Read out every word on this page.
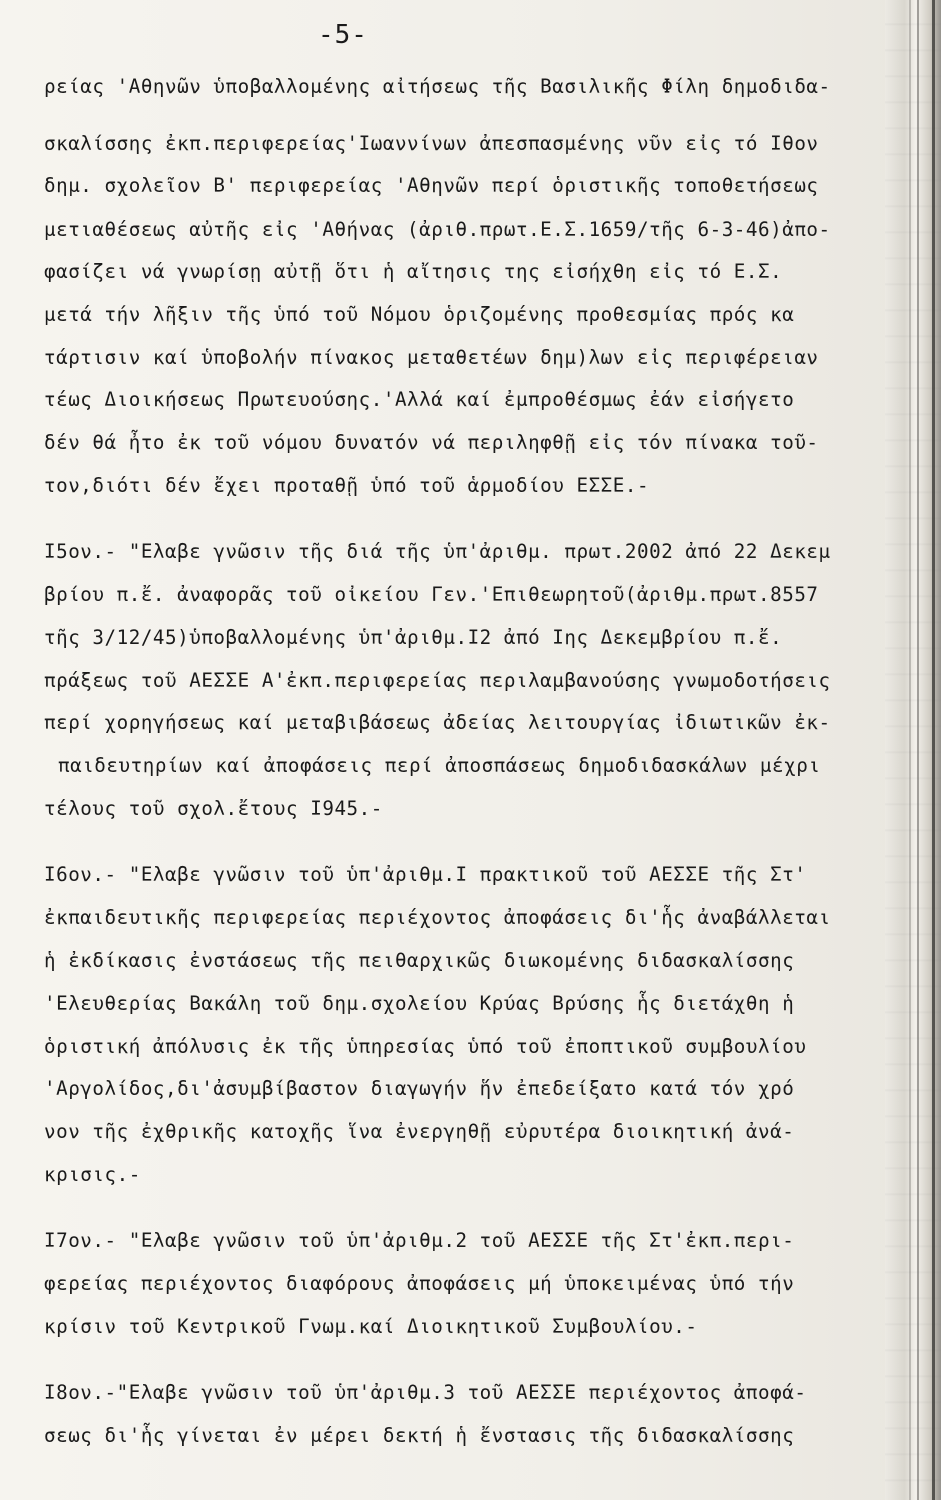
-5-
ρείας 'Αθηνῶν ὑποβαλλομένης αἰτήσεως τῆς Βασιλικῆς Φίλη δημοδιδα-
σκαλίσσης ἐκπ.περιφερείας'Ιωαννίνων ἀπεσπασμένης νῦν εἰς τό Ιθον
δημ. σχολεῖον Β' περιφερείας 'Αθηνῶν περί ὁριστικῆς τοποθετήσεως
μετιαθέσεως αὐτῆς εἰς 'Αθήνας (ἀριθ.πρωτ.Ε.Σ.1659/τῆς 6-3-46)ἀπο-
φασίζει νά γνωρίσῃ αὐτῇ ὅτι ἡ αἴτησις της εἰσήχθη εἰς τό Ε.Σ.
μετά τήν λῆξιν τῆς ὑπό τοῦ Νόμου ὁριζομένης προθεσμίας πρός κα
τάρτισιν καί ὑποβολήν πίνακος μεταθετέων δημ)λων εἰς περιφέρειαν
τέως Διοικήσεως Πρωτευούσης.'Αλλά καί ἐμπροθέσμως ἐάν εἰσήγετο
δέν θά ἦτο ἐκ τοῦ νόμου δυνατόν νά περιληφθῇ εἰς τόν πίνακα τοῦ-
τον,διότι δέν ἔχει προταθῇ ὑπό τοῦ ἁρμοδίου ΕΣΣΕ.-
Ι5ον.- "Ελαβε γνῶσιν τῆς διά τῆς ὑπ'ἀριθμ. πρωτ.2002 ἀπό 22 Δεκεμ
βρίου π.ἔ. ἀναφορᾶς τοῦ οἰκείου Γεν.'Επιθεωρητοῦ(ἀριθμ.πρωτ.8557
τῆς 3/12/45)ὑποβαλλομένης ὑπ'ἀριθμ.Ι2 ἀπό Ιης Δεκεμβρίου π.ἔ.
πράξεως τοῦ ΑΕΣΣΕ Α'ἐκπ.περιφερείας περιλαμβανούσης γνωμοδοτήσεις
περί χορηγήσεως καί μεταβιβάσεως ἀδείας λειτουργίας ἰδιωτικῶν ἐκ-
παιδευτηρίων καί ἀποφάσεις περί ἀποσπάσεως δημοδιδασκάλων μέχρι
τέλους τοῦ σχολ.ἔτους Ι945.-
Ι6ον.- "Ελαβε γνῶσιν τοῦ ὑπ'ἀριθμ.Ι πρακτικοῦ τοῦ ΑΕΣΣΕ τῆς Στ'
ἐκπαιδευτικῆς περιφερείας περιέχοντος ἀποφάσεις δι'ἧς ἀναβάλλεται
ἡ ἐκδίκασις ἐνστάσεως τῆς πειθαρχικῶς διωκομένης διδασκαλίσσης
'Ελευθερίας Βακάλη τοῦ δημ.σχολείου Κρύας Βρύσης ἧς διετάχθη ἡ
ὁριστική ἀπόλυσις ἐκ τῆς ὑπηρεσίας ὑπό τοῦ ἐποπτικοῦ συμβουλίου
'Αργολίδος,δι'ἀσυμβίβαστον διαγωγήν ἥν ἐπεδείξατο κατά τόν χρό
νον τῆς ἐχθρικῆς κατοχῆς ἵνα ἐνεργηθῇ εὐρυτέρα διοικητική ἀνά-
κρισις.-
Ι7ον.- "Ελαβε γνῶσιν τοῦ ὑπ'ἀριθμ.2 τοῦ ΑΕΣΣΕ τῆς Στ'ἐκπ.περι-
φερείας περιέχοντος διαφόρους ἀποφάσεις μή ὑποκειμένας ὑπό τήν
κρίσιν τοῦ Κεντρικοῦ Γνωμ.καί Διοικητικοῦ Συμβουλίου.-
Ι8ον.-"Ελαβε γνῶσιν τοῦ ὑπ'ἀριθμ.3 τοῦ ΑΕΣΣΕ περιέχοντος ἀποφά-
σεως δι'ἧς γίνεται ἐν μέρει δεκτή ἡ ἔνστασις τῆς διδασκαλίσσης
